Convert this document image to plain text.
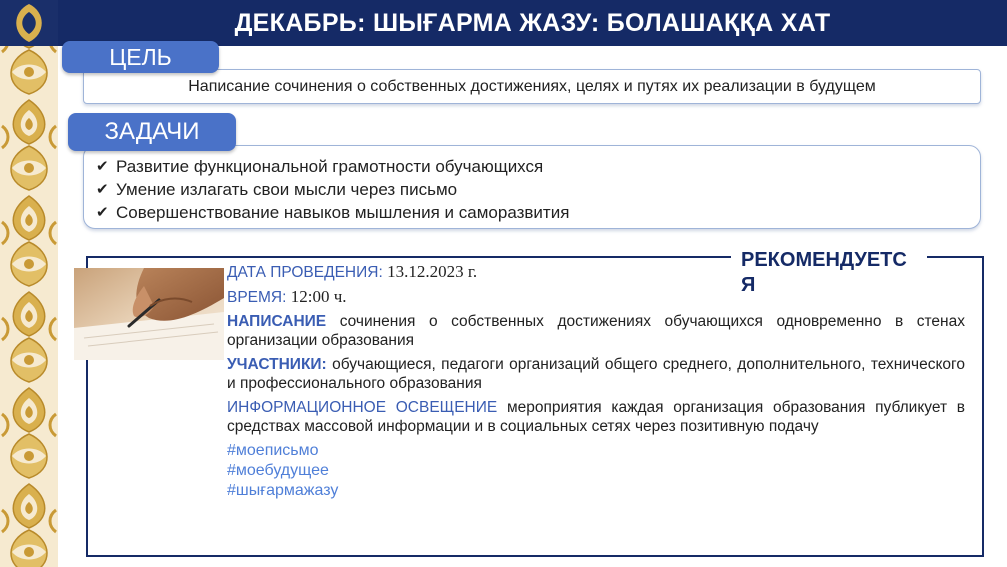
ДЕКАБРЬ: ШЫҒАРМА ЖАЗУ: БОЛАШАҚҚА ХАТ
ЦЕЛЬ
Написание сочинения о собственных достижениях, целях и путях их реализации в будущем
ЗАДАЧИ
✔ Развитие функциональной грамотности обучающихся
✔ Умение излагать свои мысли через письмо
✔ Совершенствование навыков мышления и саморазвития
РЕКОМЕНДУЕТС
Я

ДАТА ПРОВЕДЕНИЯ: 13.12.2023 г.

ВРЕМЯ: 12:00 ч.

НАПИСАНИЕ сочинения о собственных достижениях обучающихся одновременно в стенах организации образования

УЧАСТНИКИ: обучающиеся, педагоги организаций общего среднего, дополнительного, технического и профессионального образования

ИНФОРМАЦИОННОЕ ОСВЕЩЕНИЕ мероприятия каждая организация образования публикует в средствах массовой информации и в социальных сетях через позитивную подачу

#моеписьмо
#моебудущее
#шығармажазу
